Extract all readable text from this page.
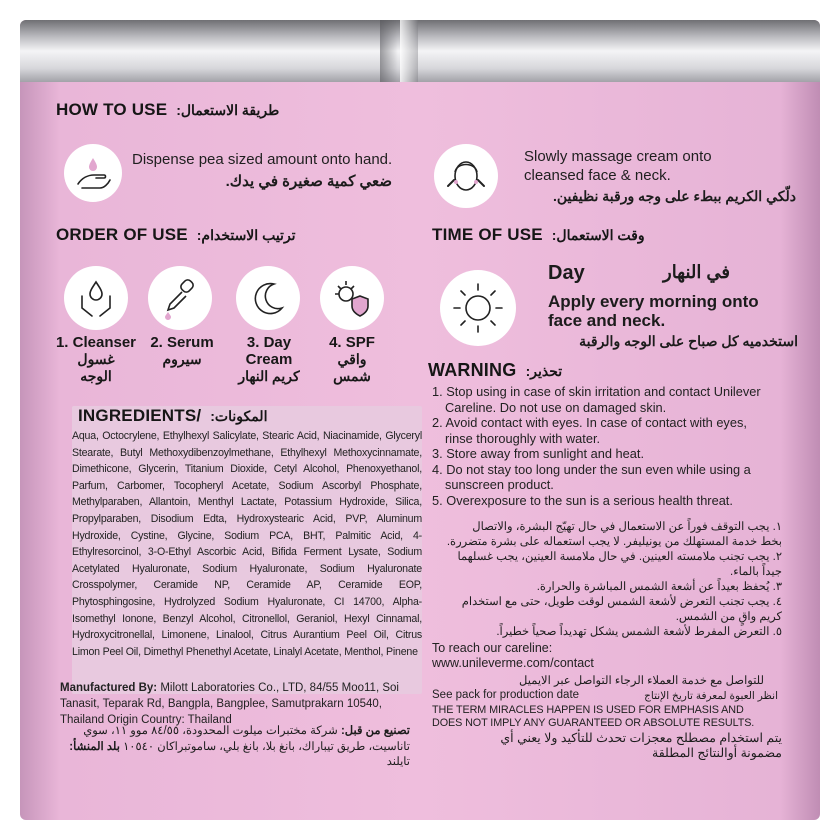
HOW TO USE طريقة الاستعمال:
Dispense pea sized amount onto hand.
ضعي كمية صغيرة في يدك.
Slowly massage cream onto
cleansed face & neck.
دلّكي الكريم ببطء على وجه ورقبة نظيفين.
ORDER OF USE ترتيب الاستخدام:
1. Cleanser
غسول
الوجه
2. Serum
سيروم
3. Day
Cream
كريم النهار
4. SPF
واقي
شمس
TIME OF USE وقت الاستعمال:
Day	في النهار
Apply every morning onto
face and neck.
استخدميه كل صباح على الوجه والرقبة
INGREDIENTS/ المكونات:
Aqua, Octocrylene, Ethylhexyl Salicylate, Stearic Acid, Niacinamide, Glyceryl Stearate, Butyl Methoxydibenzoylmethane, Ethylhexyl Methoxycinnamate, Dimethicone, Glycerin, Titanium Dioxide, Cetyl Alcohol, Phenoxyethanol, Parfum, Carbomer, Tocopheryl Acetate, Sodium Ascorbyl Phosphate, Methylparaben, Allantoin, Menthyl Lactate, Potassium Hydroxide, Silica, Propylparaben, Disodium Edta, Hydroxystearic Acid, PVP, Aluminum Hydroxide, Cystine, Glycine, Sodium PCA, BHT, Palmitic Acid, 4-Ethylresorcinol, 3-O-Ethyl Ascorbic Acid, Bifida Ferment Lysate, Sodium Acetylated Hyaluronate, Sodium Hyaluronate, Sodium Hyaluronate Crosspolymer, Ceramide NP, Ceramide AP, Ceramide EOP, Phytosphingosine, Hydrolyzed Sodium Hyaluronate, CI 14700, Alpha-Isomethyl Ionone, Benzyl Alcohol, Citronellol, Geraniol, Hexyl Cinnamal, Hydroxycitronellal, Limonene, Linalool, Citrus Aurantium Peel Oil, Citrus Limon Peel Oil, Dimethyl Phenethyl Acetate, Linalyl Acetate, Menthol, Pinene
Manufactured By: Milott Laboratories Co., LTD, 84/55 Moo11, Soi Tanasit, Teparak Rd, Bangpla, Bangplee, Samutprakarn 10540, Thailand Origin Country: Thailand
تصنيع من قبل: شركة مختبرات ميلوت المحدودة، ٨٤/٥٥ موو ١١، سوي تاناسيت، طريق تيباراك، بانغ بلا، بانغ بلي، ساموتبراكان ١٠٥٤٠ بلد المنشأ: تايلند
WARNING تحذير:
1. Stop using in case of skin irritation and contact Unilever
Careline. Do not use on damaged skin.
2. Avoid contact with eyes. In case of contact with eyes,
rinse thoroughly with water.
3. Store away from sunlight and heat.
4. Do not stay too long under the sun even while using a
sunscreen product.
5. Overexposure to the sun is a serious health threat.
١. يجب التوقف فوراً عن الاستعمال في حال تهيّج البشرة، والاتصال
بخط خدمة المستهلك من يونيليفر. لا يجب استعماله على بشرة متضررة.
٢. يجب تجنب ملامسته العينين. في حال ملامسة العينين، يجب غسلهما
جيداً بالماء.
٣. يُحفظ بعيداً عن أشعة الشمس المباشرة والحرارة.
٤. يجب تجنب التعرض لأشعة الشمس لوقت طويل، حتى مع استخدام
كريم واقٍ من الشمس.
٥. التعرض المفرط لأشعة الشمس يشكل تهديداً صحياً خطيراً.
To reach our careline:
www.unileverme.com/contact
للتواصل مع خدمة العملاء الرجاء التواصل عبر الايميل
See pack for production date	انظر العبوة لمعرفة تاريخ الإنتاج
THE TERM MIRACLES HAPPEN IS USED FOR EMPHASIS AND
DOES NOT IMPLY ANY GUARANTEED OR ABSOLUTE RESULTS.
يتم استخدام مصطلح معجزات تحدث للتأكيد ولا يعني أي
مضمونة أوالنتائج المطلقة
